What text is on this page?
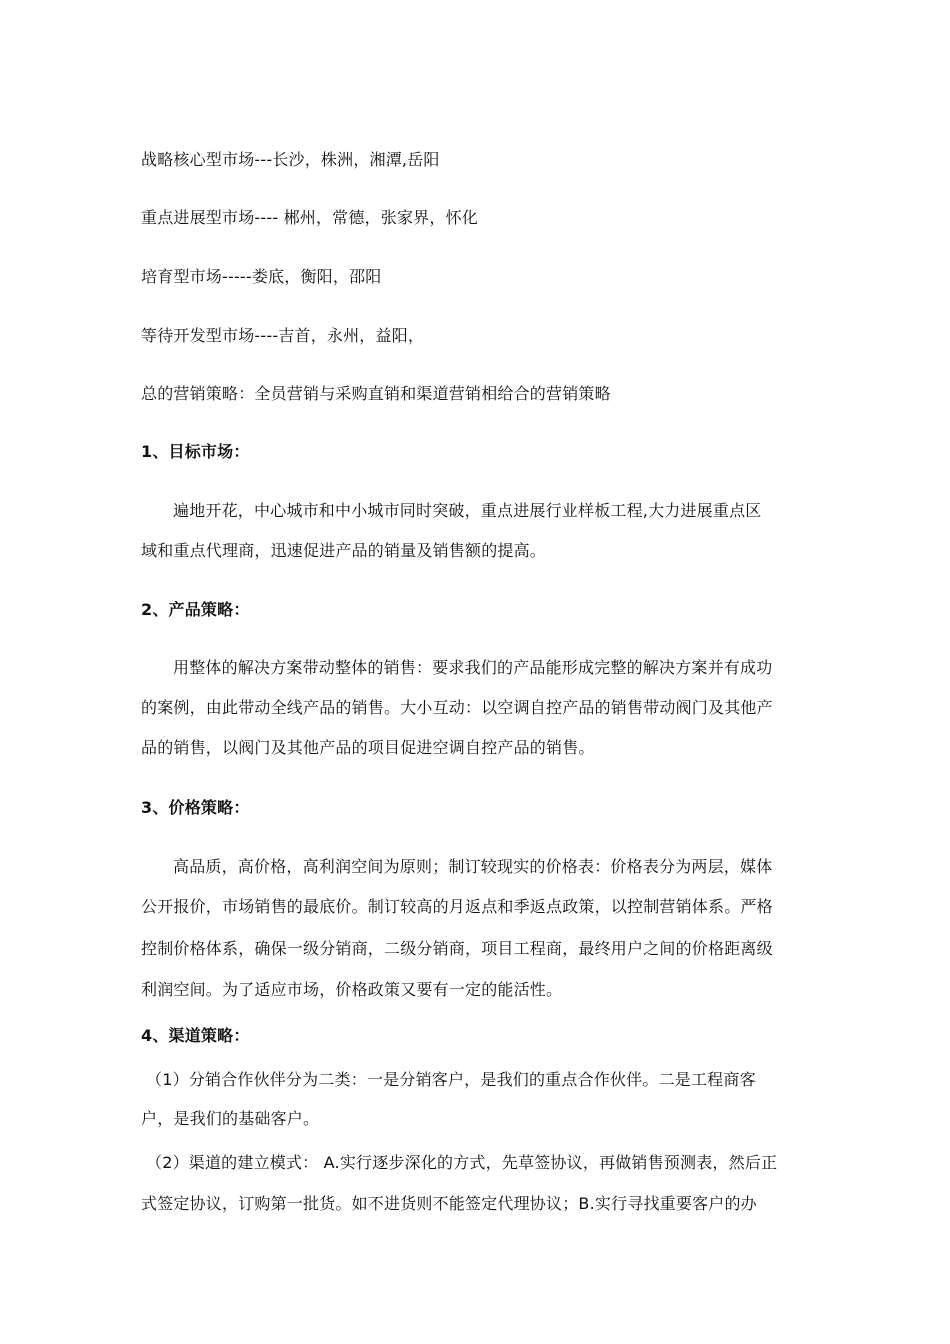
战略核心型市场---长沙，株洲，湘潭,岳阳
重点进展型市场---- 郴州，常德，张家界，怀化
培育型市场-----娄底，衡阳，邵阳
等待开发型市场----吉首，永州，益阳，
总的营销策略：全员营销与采购直销和渠道营销相给合的营销策略
1、目标市场：
遍地开花，中心城市和中小城市同时突破，重点进展行业样板工程,大力进展重点区
域和重点代理商，迅速促进产品的销量及销售额的提高。
2、产品策略：
用整体的解决方案带动整体的销售：要求我们的产品能形成完整的解决方案并有成功
的案例，由此带动全线产品的销售。大小互动：以空调自控产品的销售带动阀门及其他产
品的销售，以阀门及其他产品的项目促进空调自控产品的销售。
3、价格策略：
高品质，高价格，高利润空间为原则；制订较现实的价格表：价格表分为两层，媒体
公开报价，市场销售的最底价。制订较高的月返点和季返点政策，以控制营销体系。严格
控制价格体系，确保一级分销商，二级分销商，项目工程商，最终用户之间的价格距离级
利润空间。为了适应市场，价格政策又要有一定的能活性。
4、渠道策略：
（1）分销合作伙伴分为二类：一是分销客户，是我们的重点合作伙伴。二是工程商客
户，是我们的基础客户。
（2）渠道的建立模式： A.实行逐步深化的方式，先草签协议，再做销售预测表，然后正
式签定协议，订购第一批货。如不进货则不能签定代理协议；B.实行寻找重要客户的办
